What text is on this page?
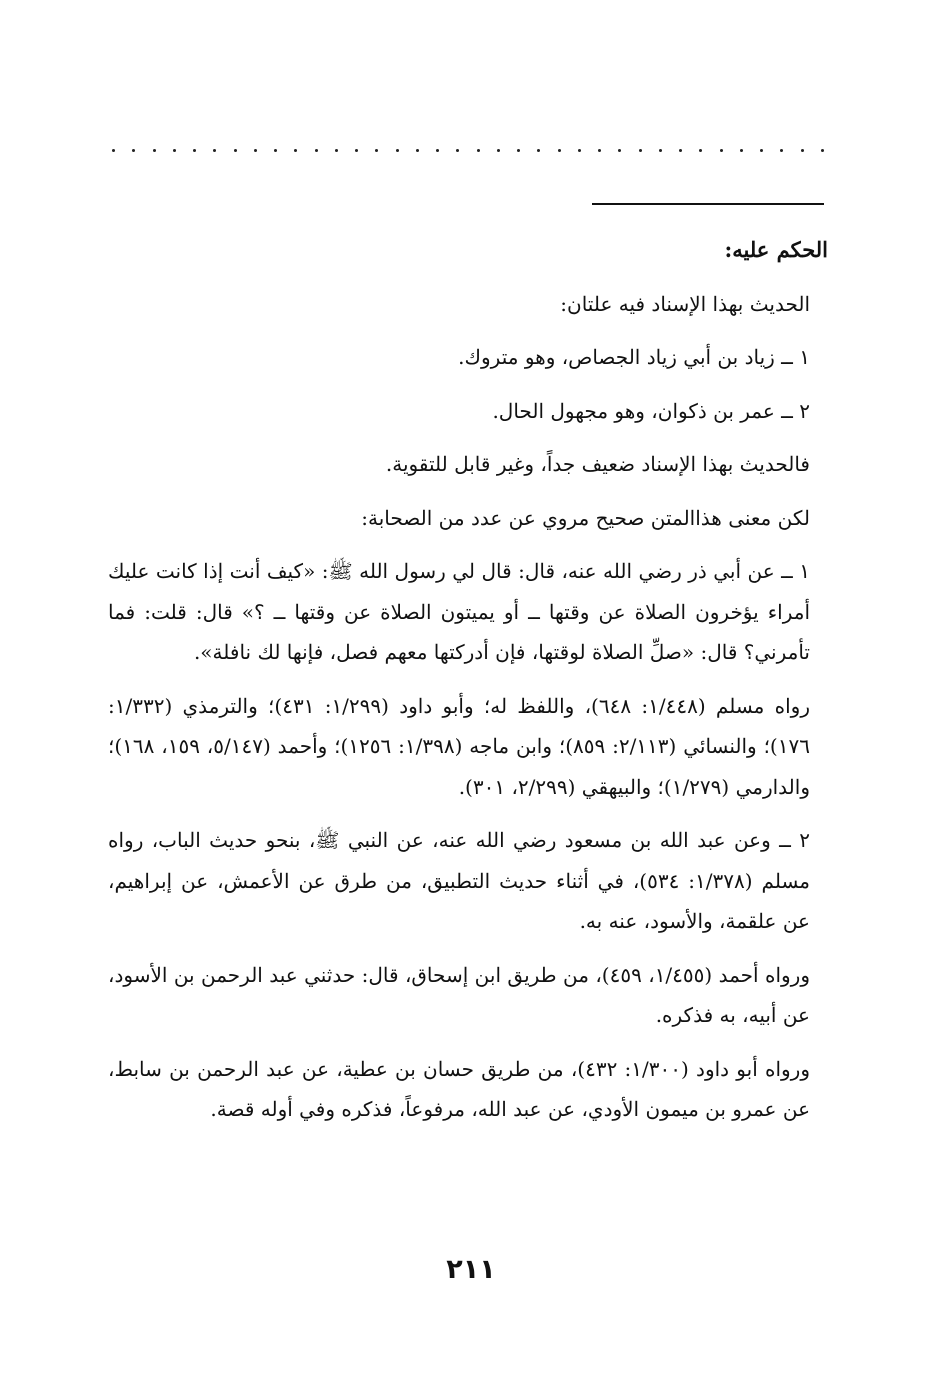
الحكم عليه:

الحديث بهذا الإسناد فيه علتان:

١ ــ زياد بن أبي زياد الجصاص، وهو متروك.

٢ ــ عمر بن ذكوان، وهو مجهول الحال.

فالحديث بهذا الإسناد ضعيف جداً، وغير قابل للتقوية.

لكن معنى هذاالمتن صحيح مروي عن عدد من الصحابة:

١ ــ عن أبي ذر رضي الله عنه، قال: قال لي رسول الله ﷺ: «كيف أنت إذا كانت عليك أمراء يؤخرون الصلاة عن وقتها ــ أو يميتون الصلاة عن وقتها ــ ؟» قال: قلت: فما تأمرني؟ قال: «صلِّ الصلاة لوقتها، فإن أدركتها معهم فصل، فإنها لك نافلة».

رواه مسلم (١/٤٤٨: ٦٤٨)، واللفظ له؛ وأبو داود (١/٢٩٩: ٤٣١)؛ والترمذي (١/٣٣٢: ١٧٦)؛ والنسائي (٢/١١٣: ٨٥٩)؛ وابن ماجه (١/٣٩٨: ١٢٥٦)؛ وأحمد (٥/١٤٧، ١٥٩، ١٦٨)؛ والدارمي (١/٢٧٩)؛ والبيهقي (٢/٢٩٩، ٣٠١).

٢ ــ وعن عبد الله بن مسعود رضي الله عنه، عن النبي ﷺ، بنحو حديث الباب، رواه مسلم (١/٣٧٨: ٥٣٤)، في أثناء حديث التطبيق، من طرق عن الأعمش، عن إبراهيم، عن علقمة، والأسود، عنه به.

ورواه أحمد (١/٤٥٥، ٤٥٩)، من طريق ابن إسحاق، قال: حدثني عبد الرحمن بن الأسود، عن أبيه، به فذكره.

ورواه أبو داود (١/٣٠٠: ٤٣٢)، من طريق حسان بن عطية، عن عبد الرحمن بن سابط، عن عمرو بن ميمون الأودي، عن عبد الله، مرفوعاً، فذكره وفي أوله قصة.

٢١١
